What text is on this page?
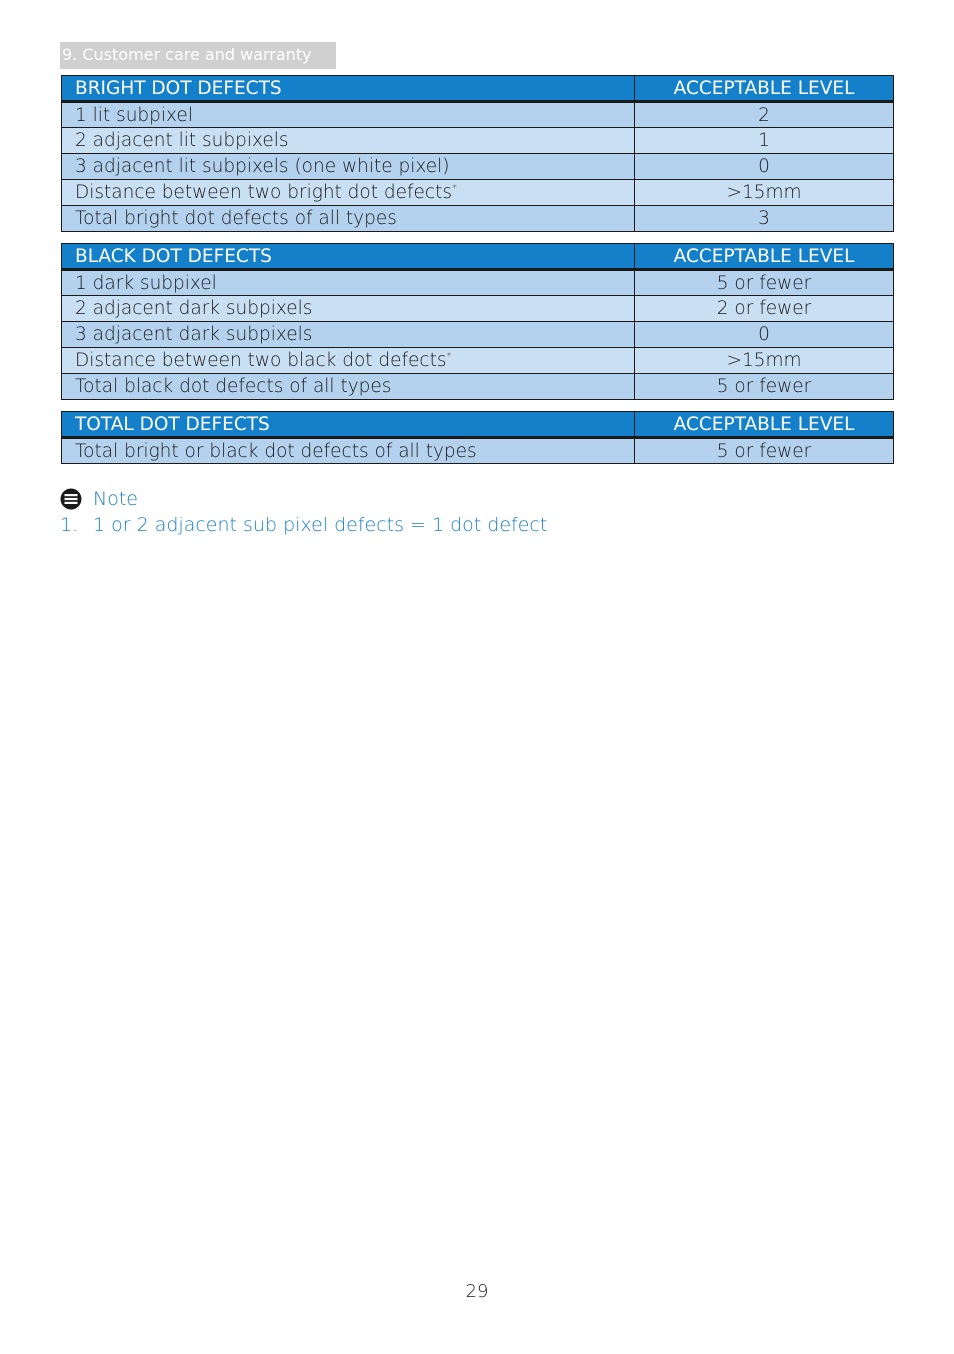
9. Customer care and warranty
BRIGHT DOT DEFECTS	ACCEPTABLE LEVEL
1 lit subpixel	2
2 adjacent lit subpixels	1
3 adjacent lit subpixels (one white pixel)	0
Distance between two bright dot defects*	>15mm
Total bright dot defects of all types	3
BLACK DOT DEFECTS	ACCEPTABLE LEVEL
1 dark subpixel	5 or fewer
2 adjacent dark subpixels	2 or fewer
3 adjacent dark subpixels	0
Distance between two black dot defects*	>15mm
Total black dot defects of all types	5 or fewer
TOTAL DOT DEFECTS	ACCEPTABLE LEVEL
Total bright or black dot defects of all types	5 or fewer
Note
1. 1 or 2 adjacent sub pixel defects = 1 dot defect
29
